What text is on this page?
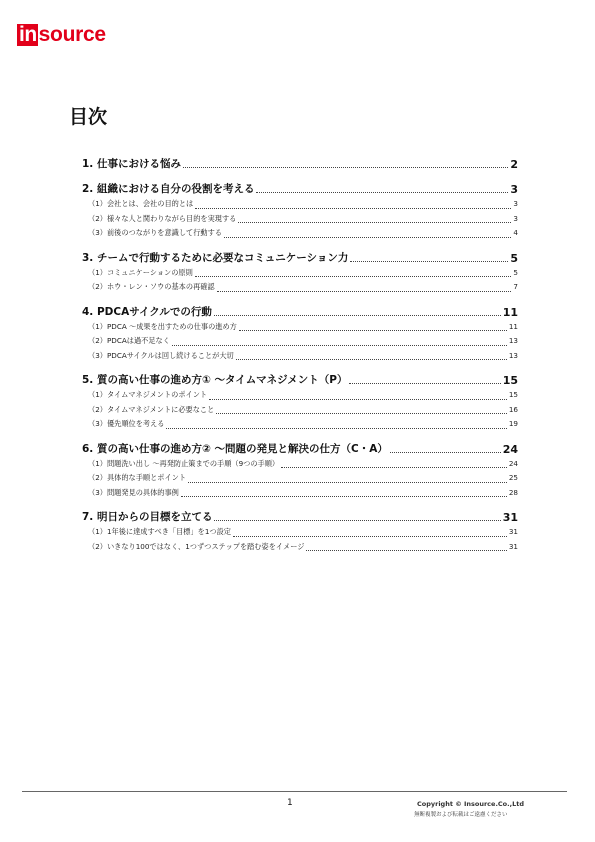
in source
目次
1. 仕事における悩み	2
2. 組織における自分の役割を考える	3
（1）会社とは、会社の目的とは	3
（2）様々な人と関わりながら目的を実現する	3
（3）前後のつながりを意識して行動する	4
3. チームで行動するために必要なコミュニケーション力	5
（1）コミュニケーションの原則	5
（2）ホウ・レン・ソウの基本の再確認	7
4. PDCAサイクルでの行動	11
（1）PDCA ～成果を出すための仕事の進め方	11
（2）PDCAは過不足なく	13
（3）PDCAサイクルは回し続けることが大切	13
5. 質の高い仕事の進め方① ～タイムマネジメント（P）	15
（1）タイムマネジメントのポイント	15
（2）タイムマネジメントに必要なこと	16
（3）優先順位を考える	19
6. 質の高い仕事の進め方② ～問題の発見と解決の仕方（C・A）	24
（1）問題洗い出し ～再発防止策までの手順（9つの手順）	24
（2）具体的な手順とポイント	25
（3）問題発見の具体的事例	28
7. 明日からの目標を立てる	31
（1）1年後に達成すべき「目標」を1つ設定	31
（2）いきなり100ではなく、1つずつステップを踏む姿をイメージ	31
1	Copyright © Insource.Co.,Ltd
無断複製および転載はご遠慮ください
